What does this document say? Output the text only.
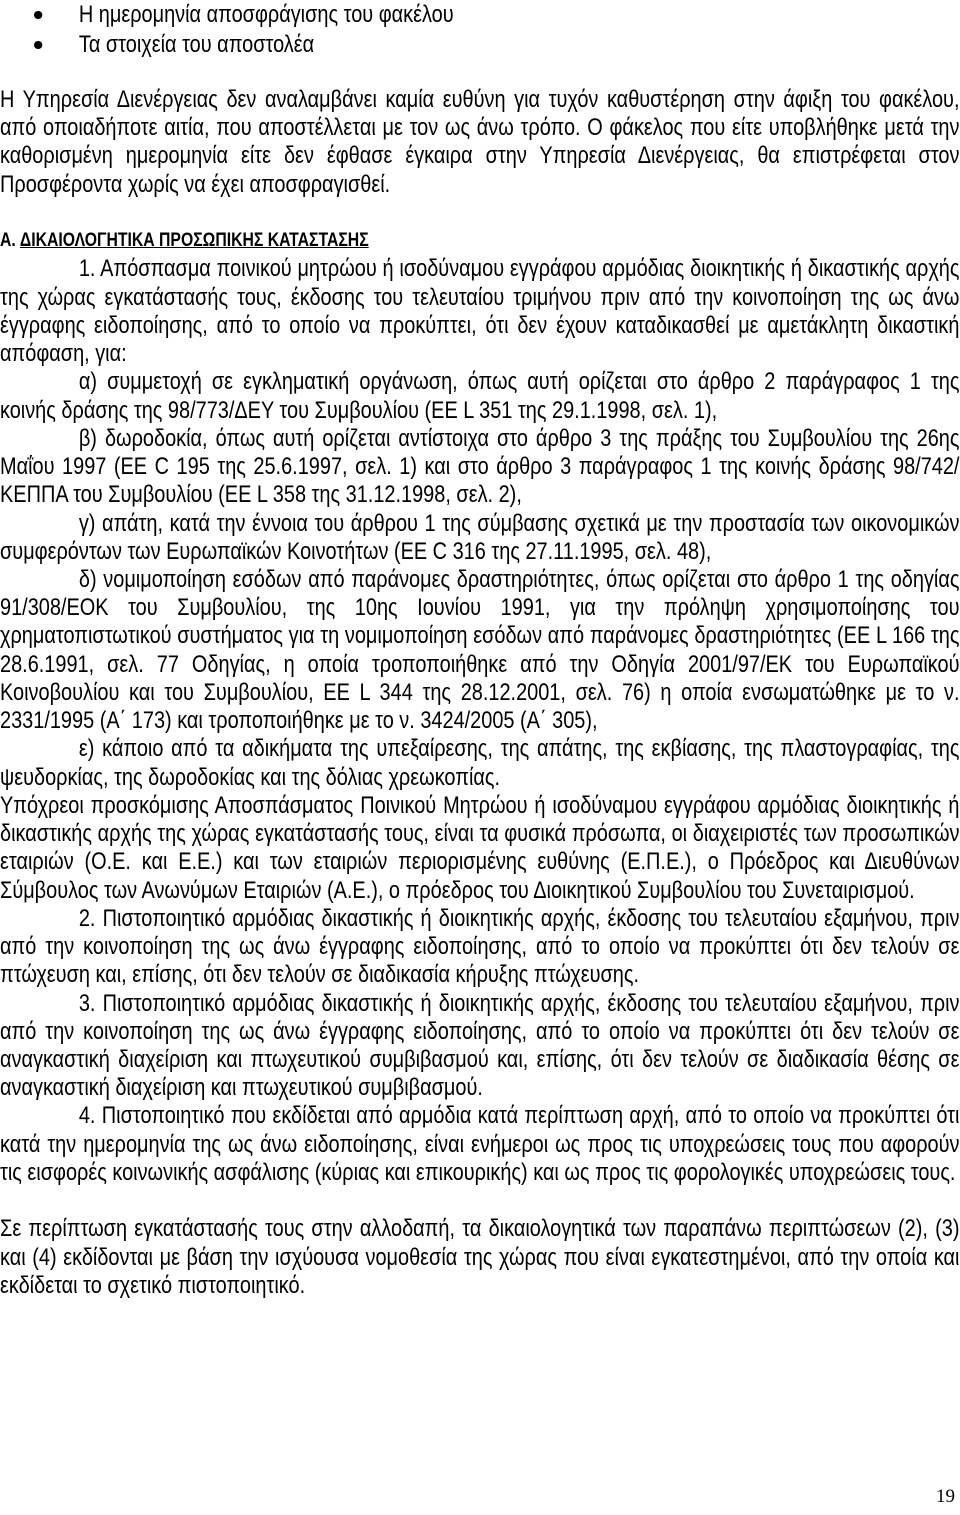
Η ημερομηνία αποσφράγισης του φακέλου
Τα στοιχεία του αποστολέα

Η Υπηρεσία Διενέργειας δεν αναλαμβάνει καμία ευθύνη για τυχόν καθυστέρηση στην άφιξη του φακέλου, από οποιαδήποτε αιτία, που αποστέλλεται με τον ως άνω τρόπο. Ο φάκελος που είτε υποβλήθηκε μετά την καθορισμένη ημερομηνία είτε δεν έφθασε έγκαιρα στην Υπηρεσία Διενέργειας, θα επιστρέφεται στον Προσφέροντα χωρίς να έχει αποσφραγισθεί.

Α. ΔΙΚΑΙΟΛΟΓΗΤΙΚΑ ΠΡΟΣΩΠΙΚΗΣ ΚΑΤΑΣΤΑΣΗΣ

1. Απόσπασμα ποινικού μητρώου ή ισοδύναμου εγγράφου αρμόδιας διοικητικής ή δικαστικής αρχής της χώρας εγκατάστασής τους, έκδοσης του τελευταίου τριμήνου πριν από την κοινοποίηση της ως άνω έγγραφης ειδοποίησης, από το οποίο να προκύπτει, ότι δεν έχουν καταδικασθεί με αμετάκλητη δικαστική απόφαση, για:

α) συμμετοχή σε εγκληματική οργάνωση, όπως αυτή ορίζεται στο άρθρο 2 παράγραφος 1 της κοινής δράσης της 98/773/ΔΕΥ του Συμβουλίου (ΕΕ L 351 της 29.1.1998, σελ. 1),

β) δωροδοκία, όπως αυτή ορίζεται αντίστοιχα στο άρθρο 3 της πράξης του Συμβουλίου της 26ης Μαΐου 1997 (ΕΕ C 195 της 25.6.1997, σελ. 1) και στο άρθρο 3 παράγραφος 1 της κοινής δράσης 98/742/ΚΕΠΠΑ του Συμβουλίου (ΕΕ L 358 της 31.12.1998, σελ. 2),

γ) απάτη, κατά την έννοια του άρθρου 1 της σύμβασης σχετικά με την προστασία των οικονομικών συμφερόντων των Ευρωπαϊκών Κοινοτήτων (ΕΕ C 316 της 27.11.1995, σελ. 48),

δ) νομιμοποίηση εσόδων από παράνομες δραστηριότητες, όπως ορίζεται στο άρθρο 1 της οδηγίας 91/308/ΕΟΚ του Συμβουλίου, της 10ης Ιουνίου 1991, για την πρόληψη χρησιμοποίησης του χρηματοπιστωτικού συστήματος για τη νομιμοποίηση εσόδων από παράνομες δραστηριότητες (ΕΕ L 166 της 28.6.1991, σελ. 77 Οδηγίας, η οποία τροποποιήθηκε από την Οδηγία 2001/97/ΕΚ του Ευρωπαϊκού Κοινοβουλίου και του Συμβουλίου, ΕΕ L 344 της 28.12.2001, σελ. 76) η οποία ενσωματώθηκε με το ν. 2331/1995 (Α΄ 173) και τροποποιήθηκε με το ν. 3424/2005 (Α΄ 305),

ε) κάποιο από τα αδικήματα της υπεξαίρεσης, της απάτης, της εκβίασης, της πλαστογραφίας, της ψευδορκίας, της δωροδοκίας και της δόλιας χρεωκοπίας.

Υπόχρεοι προσκόμισης Αποσπάσματος Ποινικού Μητρώου ή ισοδύναμου εγγράφου αρμόδιας διοικητικής ή δικαστικής αρχής της χώρας εγκατάστασής τους, είναι τα φυσικά πρόσωπα, οι διαχειριστές των προσωπικών εταιριών (Ο.Ε. και Ε.Ε.) και των εταιριών περιορισμένης ευθύνης (Ε.Π.Ε.), ο Πρόεδρος και Διευθύνων Σύμβουλος των Ανωνύμων Εταιριών (Α.Ε.), ο πρόεδρος του Διοικητικού Συμβουλίου του Συνεταιρισμού.

2. Πιστοποιητικό αρμόδιας δικαστικής ή διοικητικής αρχής, έκδοσης του τελευταίου εξαμήνου, πριν από την κοινοποίηση της ως άνω έγγραφης ειδοποίησης, από το οποίο να προκύπτει ότι δεν τελούν σε πτώχευση και, επίσης, ότι δεν τελούν σε διαδικασία κήρυξης πτώχευσης.

3. Πιστοποιητικό αρμόδιας δικαστικής ή διοικητικής αρχής, έκδοσης του τελευταίου εξαμήνου, πριν από την κοινοποίηση της ως άνω έγγραφης ειδοποίησης, από το οποίο να προκύπτει ότι δεν τελούν σε αναγκαστική διαχείριση και πτωχευτικού συμβιβασμού και, επίσης, ότι δεν τελούν σε διαδικασία θέσης σε αναγκαστική διαχείριση και πτωχευτικού συμβιβασμού.

4. Πιστοποιητικό που εκδίδεται από αρμόδια κατά περίπτωση αρχή, από το οποίο να προκύπτει ότι κατά την ημερομηνία της ως άνω ειδοποίησης, είναι ενήμεροι ως προς τις υποχρεώσεις τους που αφορούν τις εισφορές κοινωνικής ασφάλισης (κύριας και επικουρικής) και ως προς τις φορολογικές υποχρεώσεις τους.

Σε περίπτωση εγκατάστασής τους στην αλλοδαπή, τα δικαιολογητικά των παραπάνω περιπτώσεων (2), (3) και (4) εκδίδονται με βάση την ισχύουσα νομοθεσία της χώρας που είναι εγκατεστημένοι, από την οποία και εκδίδεται το σχετικό πιστοποιητικό.

19
